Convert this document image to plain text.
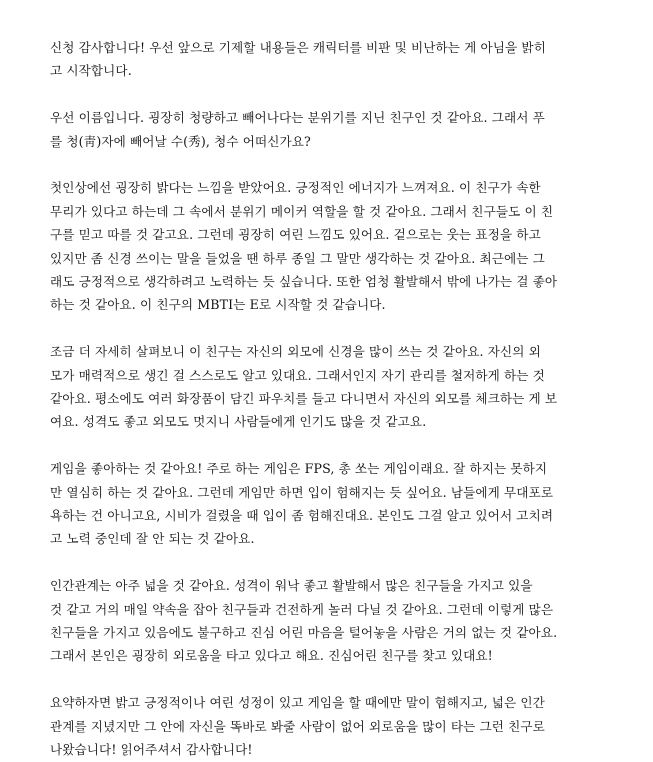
신청 감사합니다! 우선 앞으로 기제할 내용들은 캐릭터를 비판 및 비난하는 게 아님을 밝히
고 시작합니다.

우선 이름입니다. 굉장히 청량하고 빼어나다는 분위기를 지닌 친구인 것 같아요. 그래서 푸
를 청(靑)자에 빼어날 수(秀), 청수 어떠신가요?

첫인상에선 굉장히 밝다는 느낌을 받았어요. 긍정적인 에너지가 느껴져요. 이 친구가 속한
무리가 있다고 하는데 그 속에서 분위기 메이커 역할을 할 것 같아요. 그래서 친구들도 이 친
구를 믿고 따를 것 같고요. 그런데 굉장히 여린 느낌도 있어요. 겉으로는 웃는 표정을 하고
있지만 좀 신경 쓰이는 말을 들었을 땐 하루 종일 그 말만 생각하는 것 같아요. 최근에는 그
래도 긍정적으로 생각하려고 노력하는 듯 싶습니다. 또한 엄청 활발해서 밖에 나가는 걸 좋아
하는 것 같아요. 이 친구의 MBTI는 E로 시작할 것 같습니다.

조금 더 자세히 살펴보니 이 친구는 자신의 외모에 신경을 많이 쓰는 것 같아요. 자신의 외
모가 매력적으로 생긴 걸 스스로도 알고 있대요. 그래서인지 자기 관리를 철저하게 하는 것
같아요. 평소에도 여러 화장품이 담긴 파우치를 들고 다니면서 자신의 외모를 체크하는 게 보
여요. 성격도 좋고 외모도 멋지니 사람들에게 인기도 많을 것 같고요.

게임을 좋아하는 것 같아요! 주로 하는 게임은 FPS, 총 쏘는 게임이래요. 잘 하지는 못하지
만 열심히 하는 것 같아요. 그런데 게임만 하면 입이 험해지는 듯 싶어요. 남들에게 무대포로
욕하는 건 아니고요, 시비가 걸렸을 때 입이 좀 험해진대요. 본인도 그걸 알고 있어서 고치려
고 노력 중인데 잘 안 되는 것 같아요.

인간관계는 아주 넓을 것 같아요. 성격이 워낙 좋고 활발해서 많은 친구들을 가지고 있을
것 같고 거의 매일 약속을 잡아 친구들과 건전하게 놀러 다닐 것 같아요. 그런데 이렇게 많은
친구들을 가지고 있음에도 불구하고 진심 어린 마음을 털어놓을 사람은 거의 없는 것 같아요.
그래서 본인은 굉장히 외로움을 타고 있다고 해요. 진심어린 친구를 찾고 있대요!

요약하자면 밝고 긍정적이나 여린 성정이 있고 게임을 할 때에만 말이 험해지고, 넓은 인간
관계를 지녔지만 그 안에 자신을 똑바로 봐줄 사람이 없어 외로움을 많이 타는 그런 친구로
나왔습니다! 읽어주셔서 감사합니다!
